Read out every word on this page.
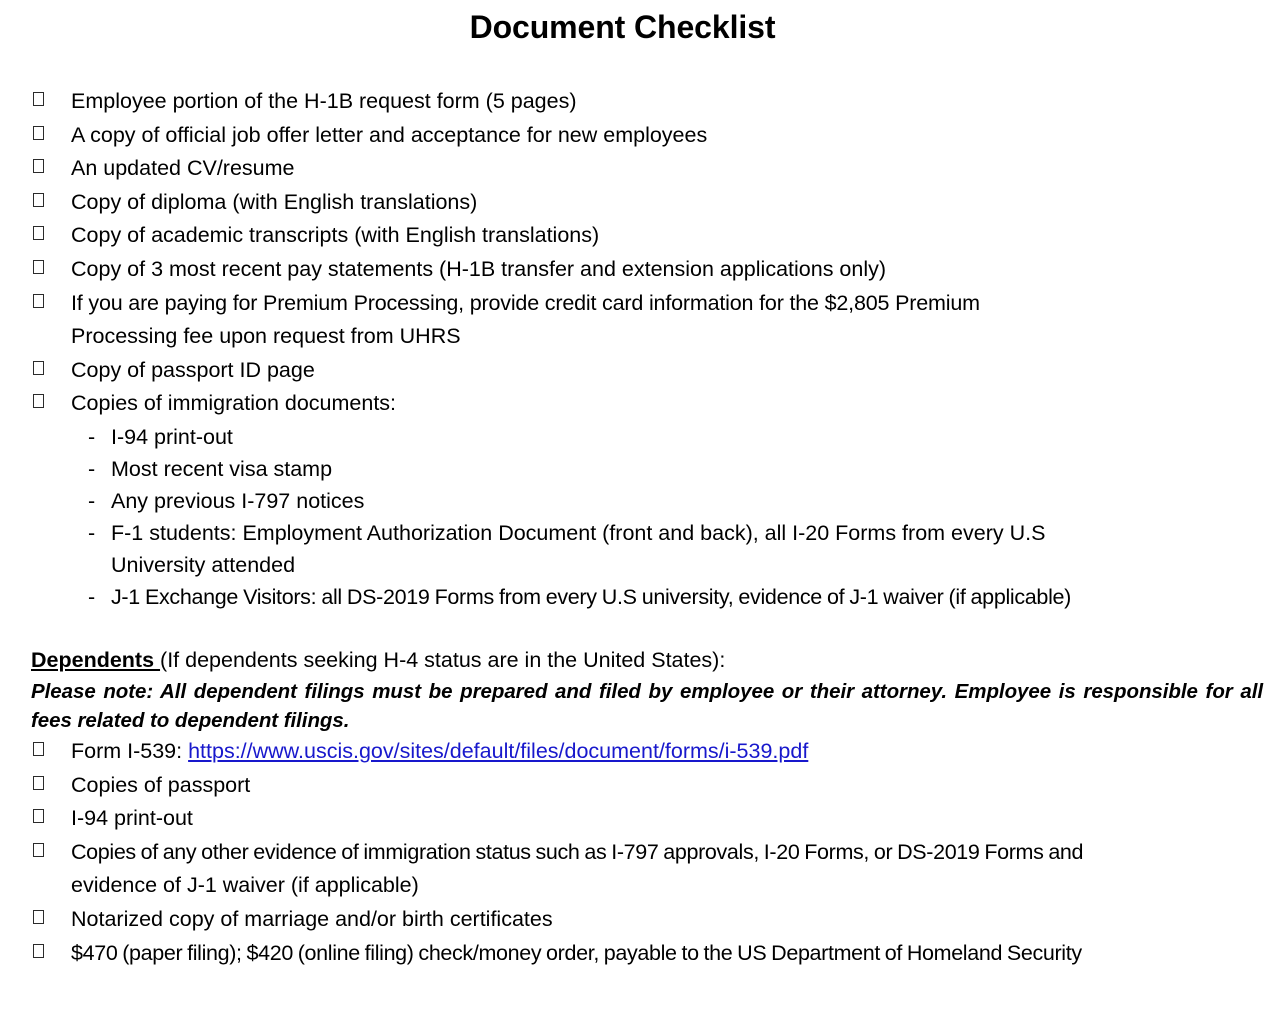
Document Checklist
Employee portion of the H-1B request form (5 pages)
A copy of official job offer letter and acceptance for new employees
An updated CV/resume
Copy of diploma (with English translations)
Copy of academic transcripts (with English translations)
Copy of 3 most recent pay statements (H-1B transfer and extension applications only)
If you are paying for Premium Processing, provide credit card information for the $2,805 Premium
Processing fee upon request from UHRS
Copy of passport ID page
Copies of immigration documents:
- I-94 print-out
- Most recent visa stamp
- Any previous I-797 notices
- F-1 students: Employment Authorization Document (front and back), all I-20 Forms from every U.S
University attended
- J-1 Exchange Visitors: all DS-2019 Forms from every U.S university, evidence of J-1 waiver (if applicable)
Dependents (If dependents seeking H-4 status are in the United States):
Please note: All dependent filings must be prepared and filed by employee or their attorney. Employee is responsible for all fees related to dependent filings.
Form I-539: https://www.uscis.gov/sites/default/files/document/forms/i-539.pdf
Copies of passport
I-94 print-out
Copies of any other evidence of immigration status such as I-797 approvals, I-20 Forms, or DS-2019 Forms and
evidence of J-1 waiver (if applicable)
Notarized copy of marriage and/or birth certificates
$470 (paper filing); $420 (online filing) check/money order, payable to the US Department of Homeland Security
